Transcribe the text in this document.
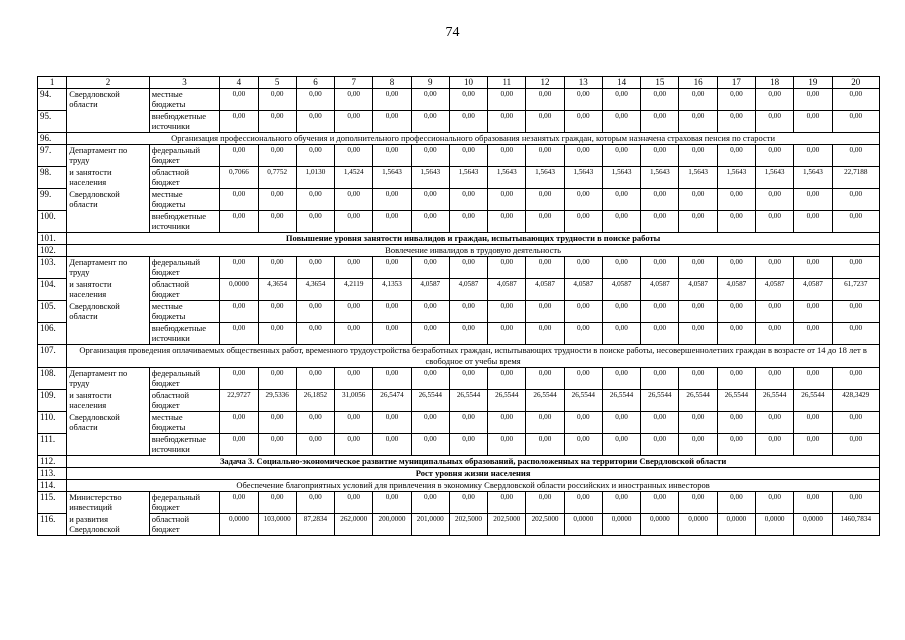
74
1	2	3	4	5	6	7	8	9	10	11	12	13	14	15	16	17	18	19	20
94.	Свердловской области	местные бюджеты	0,00	0,00	0,00	0,00	0,00	0,00	0,00	0,00	0,00	0,00	0,00	0,00	0,00	0,00	0,00	0,00	0,00
95.		внебюджетные источники	0,00	0,00	0,00	0,00	0,00	0,00	0,00	0,00	0,00	0,00	0,00	0,00	0,00	0,00	0,00	0,00	0,00
96.	Организация профессионального обучения и дополнительного профессионального образования незанятых граждан, которым назначена страховая пенсия по старости																		
97.	Департамент по труду	федеральный бюджет	0,00	0,00	0,00	0,00	0,00	0,00	0,00	0,00	0,00	0,00	0,00	0,00	0,00	0,00	0,00	0,00	0,00
98.	и занятости населения	областной бюджет	0,7066	0,7752	1,0130	1,4524	1,5643	1,5643	1,5643	1,5643	1,5643	1,5643	1,5643	1,5643	1,5643	1,5643	1,5643	1,5643	22,7188
99.	Свердловской области	местные бюджеты	0,00	0,00	0,00	0,00	0,00	0,00	0,00	0,00	0,00	0,00	0,00	0,00	0,00	0,00	0,00	0,00	0,00
100.		внебюджетные источники	0,00	0,00	0,00	0,00	0,00	0,00	0,00	0,00	0,00	0,00	0,00	0,00	0,00	0,00	0,00	0,00	0,00
101.	Повышение уровня занятости инвалидов и граждан, испытывающих трудности в поиске работы																		
102.	Вовлечение инвалидов в трудовую деятельность																		
103.	Департамент по труду	федеральный бюджет	0,00	0,00	0,00	0,00	0,00	0,00	0,00	0,00	0,00	0,00	0,00	0,00	0,00	0,00	0,00	0,00	0,00
104.	и занятости населения	областной бюджет	0,0000	4,3654	4,3654	4,2119	4,1353	4,0587	4,0587	4,0587	4,0587	4,0587	4,0587	4,0587	4,0587	4,0587	4,0587	4,0587	61,7237
105.	Свердловской области	местные бюджеты	0,00	0,00	0,00	0,00	0,00	0,00	0,00	0,00	0,00	0,00	0,00	0,00	0,00	0,00	0,00	0,00	0,00
106.		внебюджетные источники	0,00	0,00	0,00	0,00	0,00	0,00	0,00	0,00	0,00	0,00	0,00	0,00	0,00	0,00	0,00	0,00	0,00
107.	Организация проведения оплачиваемых общественных работ, временного трудоустройства безработных граждан, испытывающих трудности в поиске работы, несовершеннолетних граждан в возрасте от 14 до 18 лет в свободное от учебы время																		
108.	Департамент по труду	федеральный бюджет	0,00	0,00	0,00	0,00	0,00	0,00	0,00	0,00	0,00	0,00	0,00	0,00	0,00	0,00	0,00	0,00	0,00
109.	и занятости населения	областной бюджет	22,9727	29,5336	26,1852	31,0056	26,5474	26,5544	26,5544	26,5544	26,5544	26,5544	26,5544	26,5544	26,5544	26,5544	26,5544	26,5544	428,3429
110.	Свердловской области	местные бюджеты	0,00	0,00	0,00	0,00	0,00	0,00	0,00	0,00	0,00	0,00	0,00	0,00	0,00	0,00	0,00	0,00	0,00
111.		внебюджетные источники	0,00	0,00	0,00	0,00	0,00	0,00	0,00	0,00	0,00	0,00	0,00	0,00	0,00	0,00	0,00	0,00	0,00
112.	Задача 3. Социально-экономическое развитие муниципальных образований, расположенных на территории Свердловской области																		
113.	Рост уровня жизни населения																		
114.	Обеспечение благоприятных условий для привлечения в экономику Свердловской области российских и иностранных инвесторов																		
115.	Министерство инвестиций	федеральный бюджет	0,00	0,00	0,00	0,00	0,00	0,00	0,00	0,00	0,00	0,00	0,00	0,00	0,00	0,00	0,00	0,00	0,00
116.	и развития Свердловской	областной бюджет	0,0000	103,0000	87,2834	262,0000	200,0000	201,0000	202,5000	202,5000	202,5000	0,0000	0,0000	0,0000	0,0000	0,0000	0,0000	0,0000	1460,7834
